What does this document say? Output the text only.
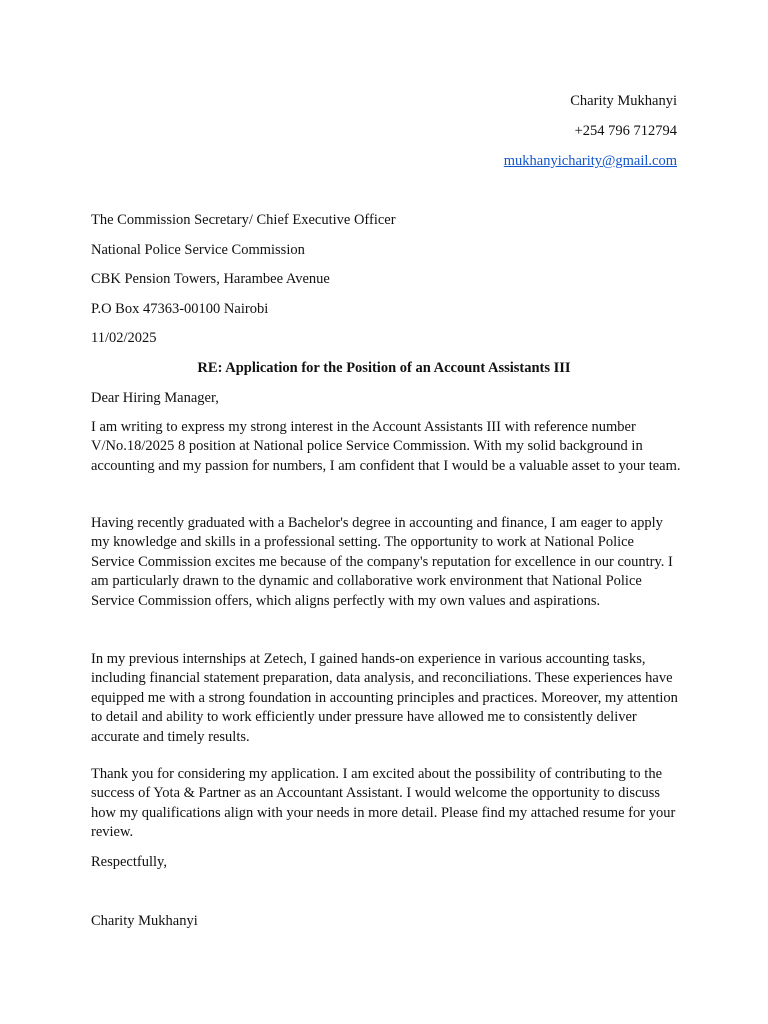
Charity Mukhanyi
+254 796 712794
mukhanyicharity@gmail.com
The Commission Secretary/ Chief Executive Officer
National Police Service Commission
CBK Pension Towers, Harambee Avenue
P.O Box 47363-00100 Nairobi
11/02/2025
RE: Application for the Position of an Account Assistants III
Dear Hiring Manager,

I am writing to express my strong interest in the Account Assistants III with reference number V/No.18/2025 8 position at National police Service Commission. With my solid background in accounting and my passion for numbers, I am confident that I would be a valuable asset to your team.

Having recently graduated with a Bachelor's degree in accounting and finance, I am eager to apply my knowledge and skills in a professional setting. The opportunity to work at National Police Service Commission excites me because of the company's reputation for excellence in our country. I am particularly drawn to the dynamic and collaborative work environment that National Police Service Commission offers, which aligns perfectly with my own values and aspirations.

In my previous internships at Zetech, I gained hands-on experience in various accounting tasks, including financial statement preparation, data analysis, and reconciliations. These experiences have equipped me with a strong foundation in accounting principles and practices. Moreover, my attention to detail and ability to work efficiently under pressure have allowed me to consistently deliver accurate and timely results.

Thank you for considering my application. I am excited about the possibility of contributing to the success of Yota & Partner as an Accountant Assistant. I would welcome the opportunity to discuss how my qualifications align with your needs in more detail. Please find my attached resume for your review.

Respectfully,
Charity Mukhanyi
